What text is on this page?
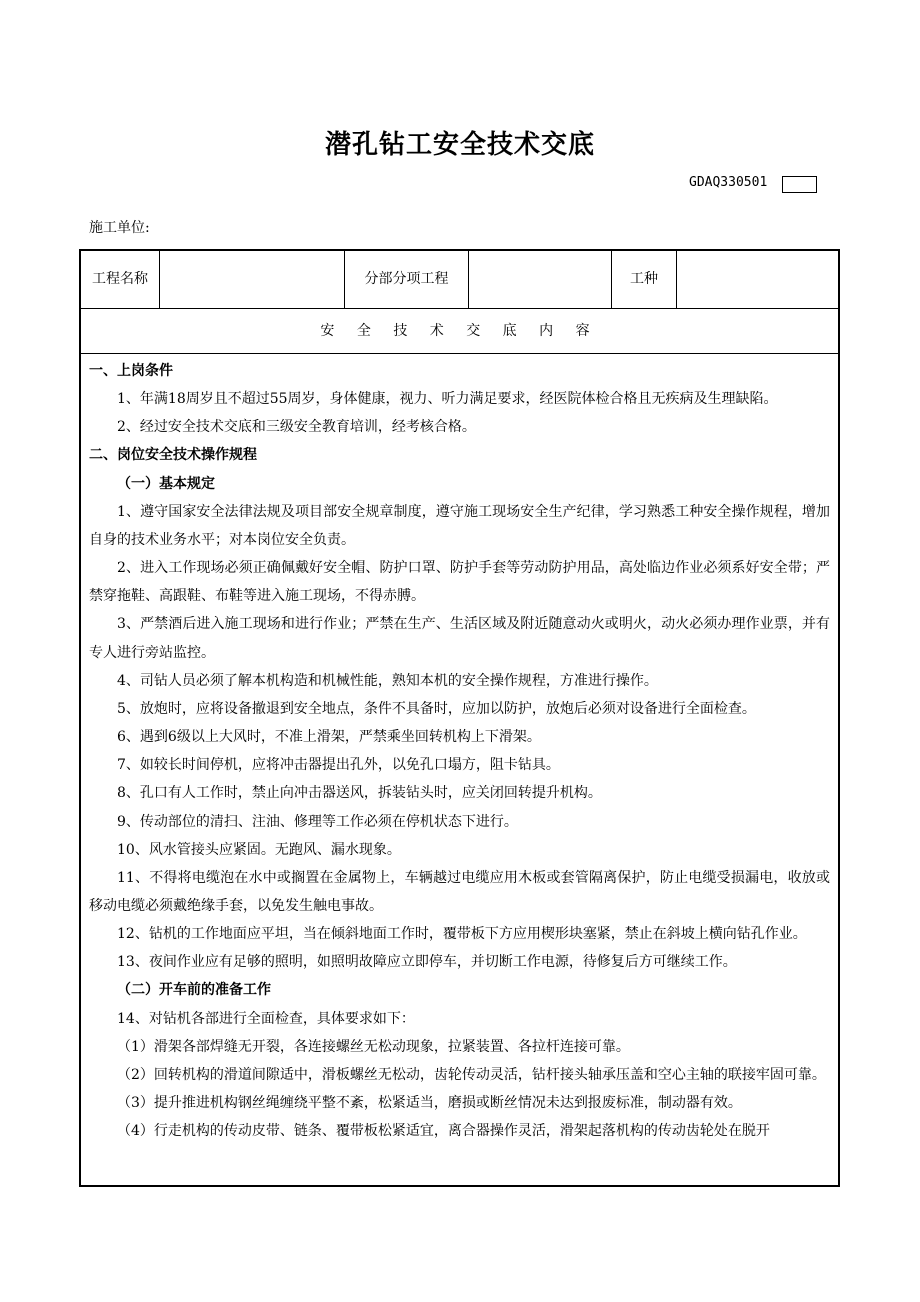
潜孔钻工安全技术交底
GDAQ330501
施工单位:
工程名称	分部分项工程	工种
安 全 技 术 交 底 内 容
一、上岗条件
1、年满18周岁且不超过55周岁，身体健康，视力、听力满足要求，经医院体检合格且无疾病及生理缺陷。
2、经过安全技术交底和三级安全教育培训，经考核合格。
二、岗位安全技术操作规程
（一）基本规定
1、遵守国家安全法律法规及项目部安全规章制度，遵守施工现场安全生产纪律，学习熟悉工种安全操作规程，增加自身的技术业务水平；对本岗位安全负责。
2、进入工作现场必须正确佩戴好安全帽、防护口罩、防护手套等劳动防护用品，高处临边作业必须系好安全带；严禁穿拖鞋、高跟鞋、布鞋等进入施工现场，不得赤膊。
3、严禁酒后进入施工现场和进行作业；严禁在生产、生活区域及附近随意动火或明火，动火必须办理作业票，并有专人进行旁站监控。
4、司钻人员必须了解本机构造和机械性能，熟知本机的安全操作规程，方准进行操作。
5、放炮时，应将设备撤退到安全地点，条件不具备时，应加以防护，放炮后必须对设备进行全面检查。
6、遇到6级以上大风时，不准上滑架，严禁乘坐回转机构上下滑架。
7、如较长时间停机，应将冲击器提出孔外，以免孔口塌方，阻卡钻具。
8、孔口有人工作时，禁止向冲击器送风，拆装钻头时，应关闭回转提升机构。
9、传动部位的清扫、注油、修理等工作必须在停机状态下进行。
10、风水管接头应紧固。无跑风、漏水现象。
11、不得将电缆泡在水中或搁置在金属物上，车辆越过电缆应用木板或套管隔离保护，防止电缆受损漏电，收放或移动电缆必须戴绝缘手套，以免发生触电事故。
12、钻机的工作地面应平坦，当在倾斜地面工作时，覆带板下方应用楔形块塞紧，禁止在斜坡上横向钻孔作业。
13、夜间作业应有足够的照明，如照明故障应立即停车，并切断工作电源，待修复后方可继续工作。
（二）开车前的准备工作
14、对钻机各部进行全面检查，具体要求如下：
（1）滑架各部焊缝无开裂，各连接螺丝无松动现象，拉紧装置、各拉杆连接可靠。
（2）回转机构的滑道间隙适中，滑板螺丝无松动，齿轮传动灵活，钻杆接头轴承压盖和空心主轴的联接牢固可靠。
（3）提升推进机构钢丝绳缠绕平整不紊，松紧适当，磨损或断丝情况未达到报废标准，制动器有效。
（4）行走机构的传动皮带、链条、覆带板松紧适宜，离合器操作灵活，滑架起落机构的传动齿轮处在脱开
